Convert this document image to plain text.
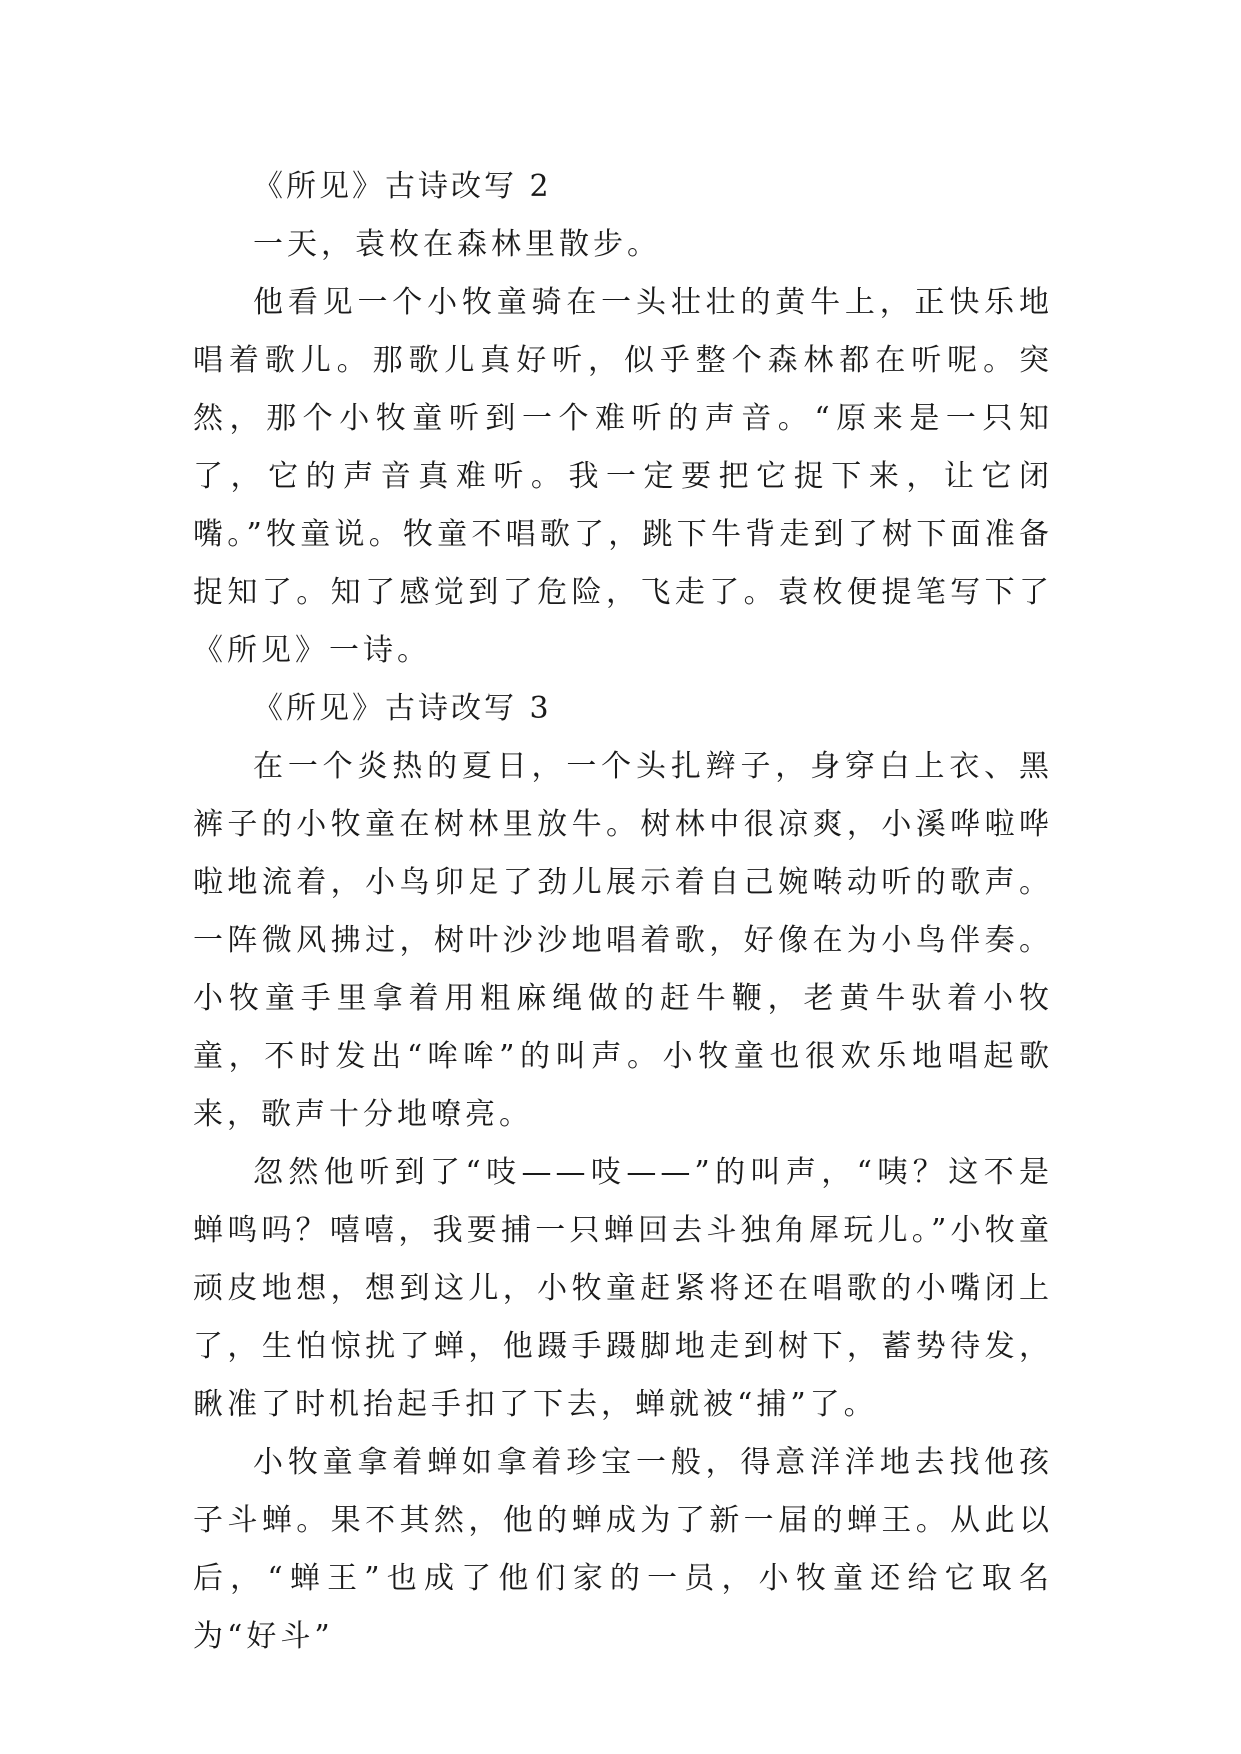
《所见》古诗改写 2

一天，袁枚在森林里散步。

他看见一个小牧童骑在一头壮壮的黄牛上，正快乐地唱着歌儿。那歌儿真好听，似乎整个森林都在听呢。突然，那个小牧童听到一个难听的声音。“原来是一只知了，它的声音真难听。我一定要把它捉下来，让它闭嘴。”牧童说。牧童不唱歌了，跳下牛背走到了树下面准备捉知了。知了感觉到了危险，飞走了。袁枚便提笔写下了《所见》一诗。

《所见》古诗改写 3

在一个炎热的夏日，一个头扎辫子，身穿白上衣、黑裤子的小牧童在树林里放牛。树林中很凉爽，小溪哗啦哗啦地流着，小鸟卯足了劲儿展示着自己婉啭动听的歌声。一阵微风拂过，树叶沙沙地唱着歌，好像在为小鸟伴奏。小牧童手里拿着用粗麻绳做的赶牛鞭，老黄牛驮着小牧童，不时发出“哞哞”的叫声。小牧童也很欢乐地唱起歌来，歌声十分地嘹亮。

忽然他听到了“吱——吱——”的叫声，“咦？这不是蝉鸣吗？嘻嘻，我要捕一只蝉回去斗独角犀玩儿。”小牧童顽皮地想，想到这儿，小牧童赶紧将还在唱歌的小嘴闭上了，生怕惊扰了蝉，他蹑手蹑脚地走到树下，蓄势待发，瞅准了时机抬起手扣了下去，蝉就被“捕”了。

小牧童拿着蝉如拿着珍宝一般，得意洋洋地去找他孩子斗蝉。果不其然，他的蝉成为了新一届的蝉王。从此以后，“蝉王”也成了他们家的一员，小牧童还给它取名为“好斗”
